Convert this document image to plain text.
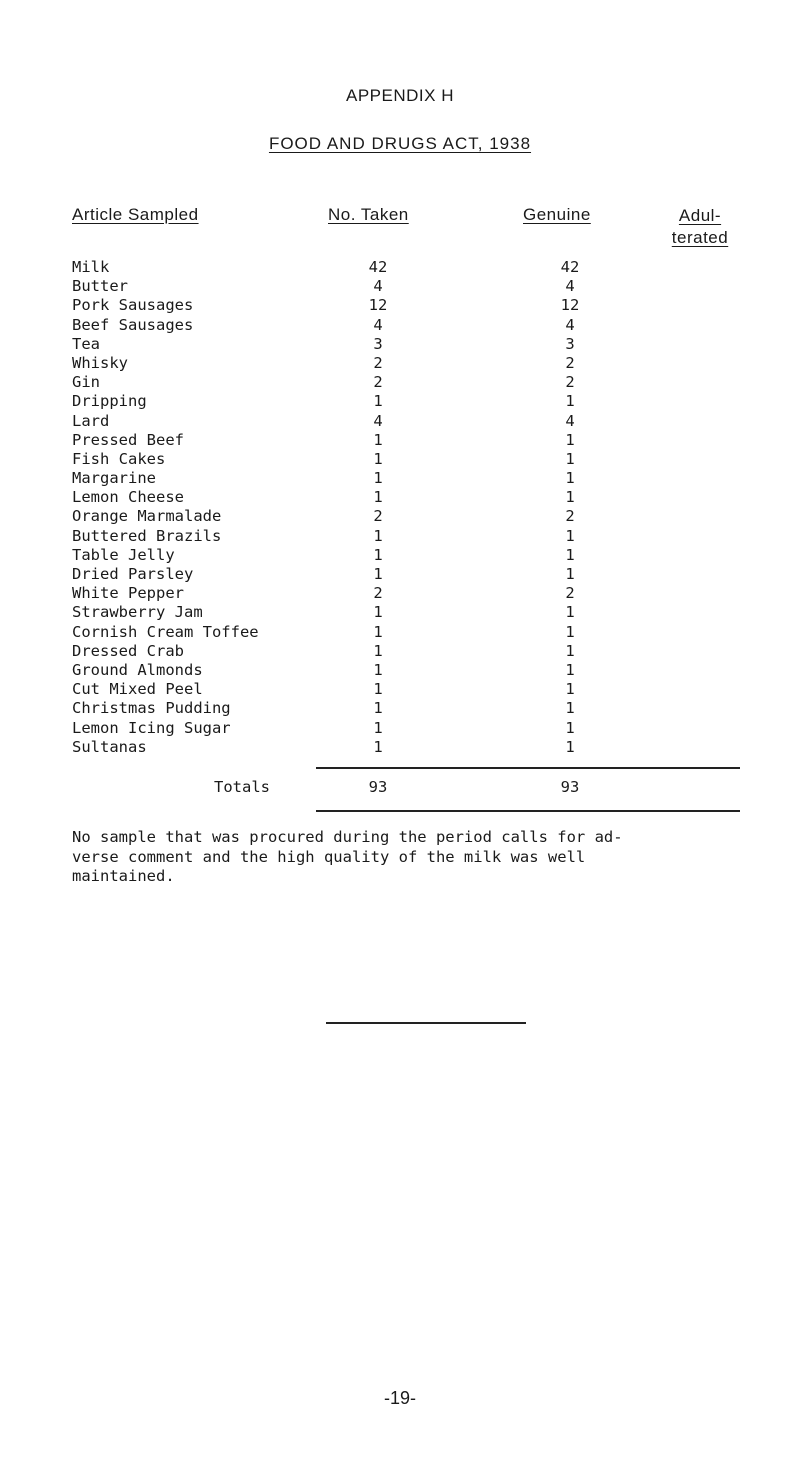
APPENDIX H
FOOD AND DRUGS ACT, 1938
Article Sampled	No. Taken	Genuine	Adul-
terated
Milk	42	42
Butter	4	4
Pork Sausages	12	12
Beef Sausages	4	4
Tea	3	3
Whisky	2	2
Gin	2	2
Dripping	1	1
Lard	4	4
Pressed Beef	1	1
Fish Cakes	1	1
Margarine	1	1
Lemon Cheese	1	1
Orange Marmalade	2	2
Buttered Brazils	1	1
Table Jelly	1	1
Dried Parsley	1	1
White Pepper	2	2
Strawberry Jam	1	1
Cornish Cream Toffee	1	1
Dressed Crab	1	1
Ground Almonds	1	1
Cut Mixed Peel	1	1
Christmas Pudding	1	1
Lemon Icing Sugar	1	1
Sultanas	1	1
Totals	93	93
No sample that was procured during the period calls for ad-
verse comment and the high quality of the milk was well
maintained.
-19-
